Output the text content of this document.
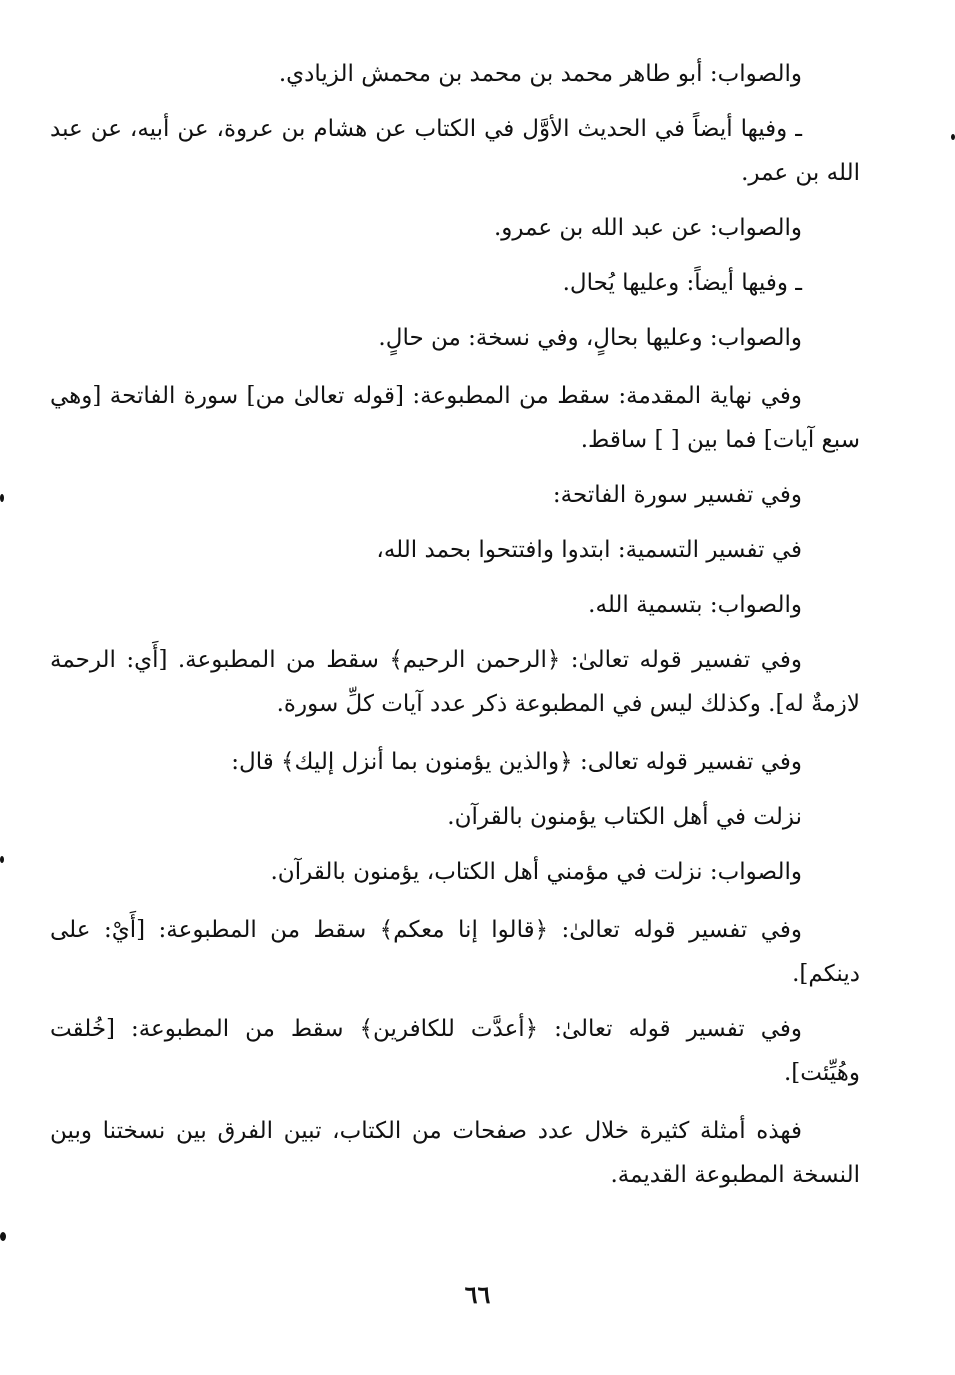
والصواب: أبو طاهر محمد بن محمد بن محمش الزيادي.

ـ وفيها أيضاً في الحديث الأوَّل في الكتاب عن هشام بن عروة، عن أبيه، عن عبد الله بن عمر.

والصواب: عن عبد الله بن عمرو.

ـ وفيها أيضاً: وعليها يُحال.

والصواب: وعليها بحالٍ، وفي نسخة: من حالٍ.

وفي نهاية المقدمة: سقط من المطبوعة: [قوله تعالىٰ من] سورة الفاتحة [وهي سبع آيات] فما بين [ ] ساقط.

وفي تفسير سورة الفاتحة:

في تفسير التسمية: ابتدوا وافتتحوا بحمد الله،

والصواب: بتسمية الله.

وفي تفسير قوله تعالىٰ: ﴿الرحمن الرحيم﴾ سقط من المطبوعة. [أَي: الرحمة لازمةٌ له]. وكذلك ليس في المطبوعة ذكر عدد آيات كلِّ سورة.

وفي تفسير قوله تعالى: ﴿والذين يؤمنون بما أنزل إليك﴾ قال:

نزلت في أهل الكتاب يؤمنون بالقرآن.

والصواب: نزلت في مؤمني أهل الكتاب، يؤمنون بالقرآن.

وفي تفسير قوله تعالىٰ: ﴿قالوا إنا معكم﴾ سقط من المطبوعة: [أَيْ: على دينكم].

وفي تفسير قوله تعالىٰ: ﴿أعدَّت للكافرين﴾ سقط من المطبوعة: [خُلقت وهُيِّئت].

فهذه أمثلة كثيرة خلال عدد صفحات من الكتاب، تبين الفرق بين نسختنا وبين النسخة المطبوعة القديمة.

٦٦
